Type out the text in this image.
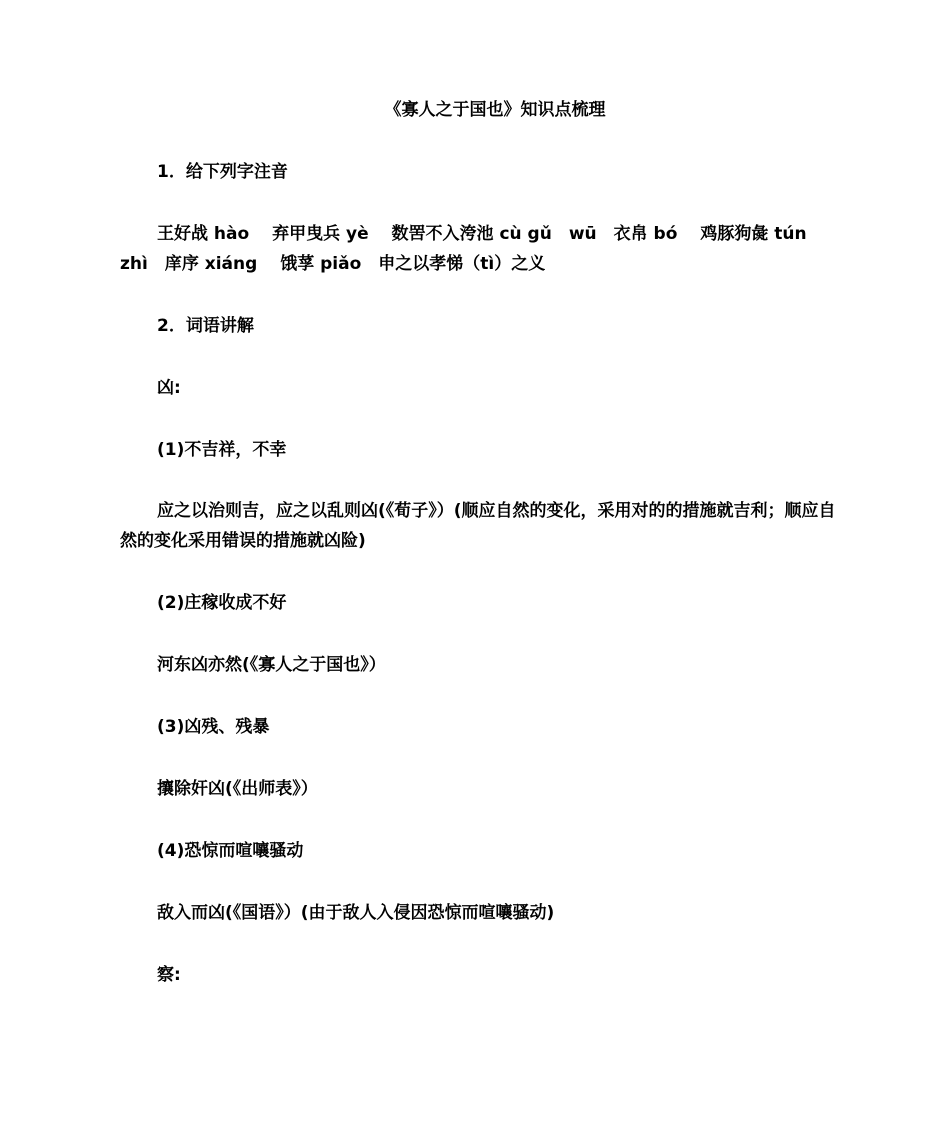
《寡人之于国也》知识点梳理
1．给下列字注音
王好战 hào　 弃甲曳兵 yè　 数罟不入洿池 cù gǔ　wū　衣帛 bó　 鸡豚狗彘 tún　zhì　庠序 xiáng　 饿莩 piǎo　申之以孝悌（tì）之义
2．词语讲解
凶:
(1)不吉祥，不幸
应之以治则吉，应之以乱则凶(《荀子》）(顺应自然的变化，采用对的的措施就吉利；顺应自然的变化采用错误的措施就凶险)
(2)庄稼收成不好
河东凶亦然(《寡人之于国也》）
(3)凶残、残暴
攘除奸凶(《出师表》）
(4)恐惊而喧嚷骚动
敌入而凶(《国语》）(由于敌人入侵因恐惊而喧嚷骚动)
察:
